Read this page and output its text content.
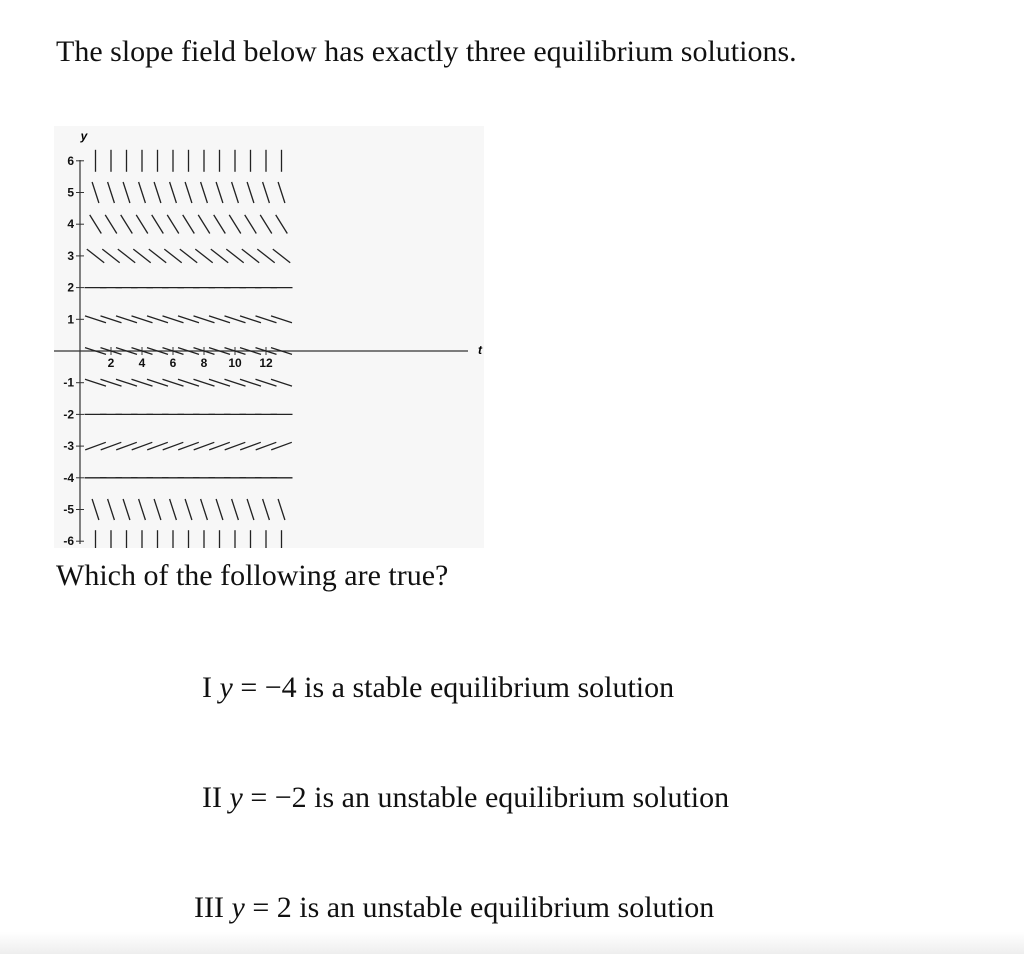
The slope field below has exactly three equilibrium solutions.

y
t
2 4 6 8 10 12
6
5
4
3
2
1
-1
-2
-3
-4
-5
-6

Which of the following are true?

I y = −4 is a stable equilibrium solution

II y = −2 is an unstable equilibrium solution

III y = 2 is an unstable equilibrium solution
